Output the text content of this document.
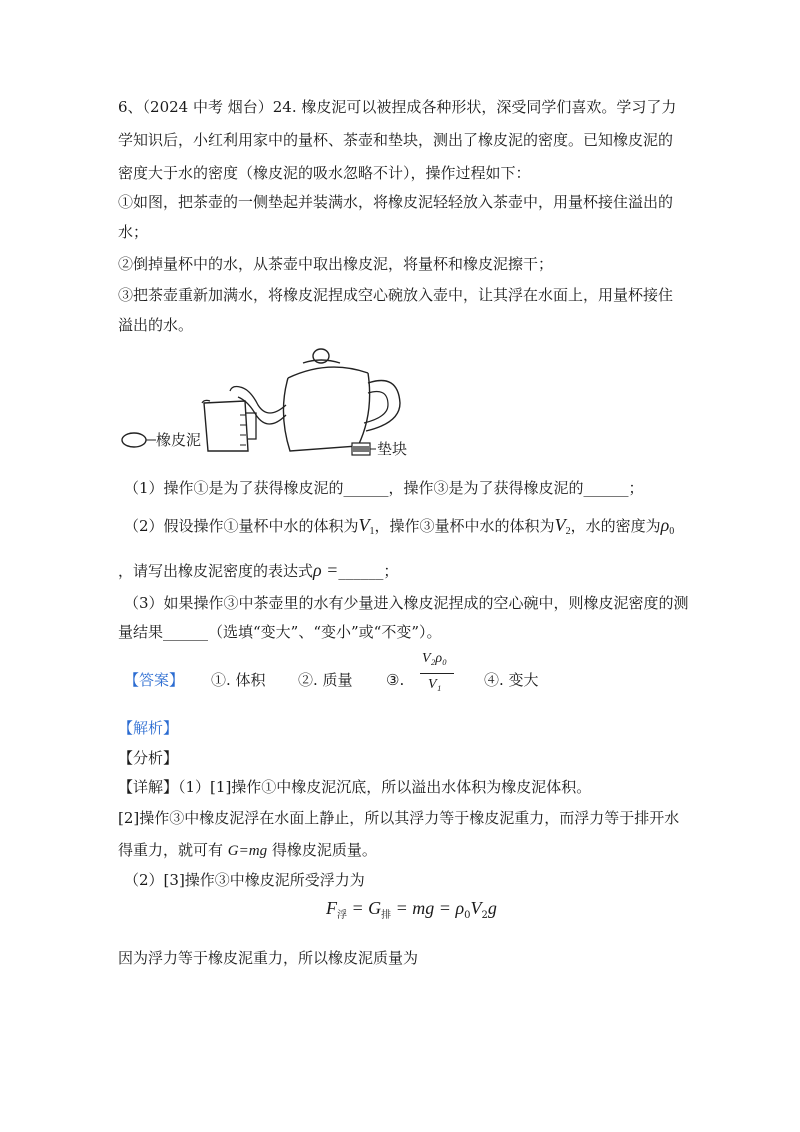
6、（2024 中考 烟台）24. 橡皮泥可以被捏成各种形状，深受同学们喜欢。学习了力
学知识后，小红利用家中的量杯、茶壶和垫块，测出了橡皮泥的密度。已知橡皮泥的
密度大于水的密度（橡皮泥的吸水忽略不计），操作过程如下：
①如图，把茶壶的一侧垫起并装满水，将橡皮泥轻轻放入茶壶中，用量杯接住溢出的
水；
②倒掉量杯中的水，从茶壶中取出橡皮泥，将量杯和橡皮泥擦干；
③把茶壶重新加满水，将橡皮泥捏成空心碗放入壶中，让其浮在水面上，用量杯接住
溢出的水。
橡皮泥	垫块
（1）操作①是为了获得橡皮泥的______，操作③是为了获得橡皮泥的______；
（2）假设操作①量杯中水的体积为$V_1$，操作③量杯中水的体积为$V_2$，水的密度为$\rho_0$
，请写出橡皮泥密度的表达式ρ =______；
（3）如果操作③中茶壶里的水有少量进入橡皮泥捏成的空心碗中，则橡皮泥密度的测
量结果______（选填“变大”、“变小”或“不变”）。
【答案】 ①. 体积 ②. 质量 ③.
V₂ρ₀
V₁	④. 变大
【解析】
【分析】
【详解】（1）[1]操作①中橡皮泥沉底，所以溢出水体积为橡皮泥体积。
[2]操作③中橡皮泥浮在水面上静止，所以其浮力等于橡皮泥重力，而浮力等于排开水
得重力，就可有 G=mg 得橡皮泥质量。
（2）[3]操作③中橡皮泥所受浮力为
$F_浮 = G_排$ = mg = $\rho_0V_2g$
因为浮力等于橡皮泥重力，所以橡皮泥质量为
